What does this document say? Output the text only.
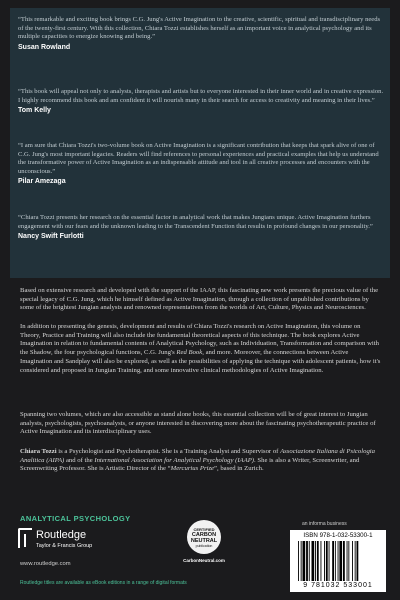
“This remarkable and exciting book brings C.G. Jung's Active Imagination to the creative, scientific, spiritual and transdisciplinary needs of the twenty-first century. With this collection, Chiara Tozzi establishes herself as an important voice in analytical psychology and its multiple capacities to energize knowing and being.”

Susan Rowland

“This book will appeal not only to analysts, therapists and artists but to everyone interested in their inner world and in creative expression. I highly recommend this book and am confident it will nourish many in their search for access to creativity and meaning in their lives.”

Tom Kelly

“I am sure that Chiara Tozzi's two-volume book on Active Imagination is a significant contribution that keeps that spark alive of one of C.G. Jung's most important legacies. Readers will find references to personal experiences and practical examples that help us understand the transformative power of Active Imagination as an indispensable attitude and tool in all creative processes and encounters with the unconscious.”

Pilar Amezaga

“Chiara Tozzi presents her research on the essential factor in analytical work that makes Jungians unique. Active Imagination furthers engagement with our fears and the unknown leading to the Transcendent Function that results in profound changes in our personality.”

Nancy Swift Furlotti

Based on extensive research and developed with the support of the IAAP, this fascinating new work presents the precious value of the special legacy of C.G. Jung, which he himself defined as Active Imagination, through a collection of unpublished contributions by some of the brightest Jungian analysts and renowned representatives from the worlds of Art, Culture, Physics and Neurosciences.

In addition to presenting the genesis, development and results of Chiara Tozzi's research on Active Imagination, this volume on Theory, Practice and Training will also include the fundamental theoretical aspects of this technique. The book explores Active Imagination in relation to fundamental contents of Analytical Psychology, such as Individuation, Transformation and comparison with the Shadow, the four psychological functions, C.G. Jung's Red Book, and more. Moreover, the connections between Active Imagination and Sandplay will also be explored, as well as the possibilities of applying the technique with adolescent patients, how it's considered and proposed in Jungian Training, and some innovative clinical methodologies of Active Imagination.

Spanning two volumes, which are also accessible as stand alone books, this essential collection will be of great interest to Jungian analysts, psychologists, psychoanalysts, or anyone interested in discovering more about the fascinating psychotherapeutic practice of Active Imagination and its interdisciplinary uses.

Chiara Tozzi is a Psychologist and Psychotherapist. She is a Training Analyst and Supervisor of Associazione Italiana di Psicologia Analitica (AIPA) and of the International Association for Analytical Psychology (IAAP). She is also a Writer, Screenwriter, and Screenwriting Professor. She is Artistic Director of the “Mercurius Prize”, based in Zurich.

ANALYTICAL PSYCHOLOGY
Routledge
Taylor & Francis Group
www.routledge.com
Routledge titles are available as eBook editions in a range of digital formats
CERTIFIED
CARBON
NEUTRAL
publication
CarbonNeutral.com
an informa business
ISBN 978-1-032-53300-1
9 781032 533001
